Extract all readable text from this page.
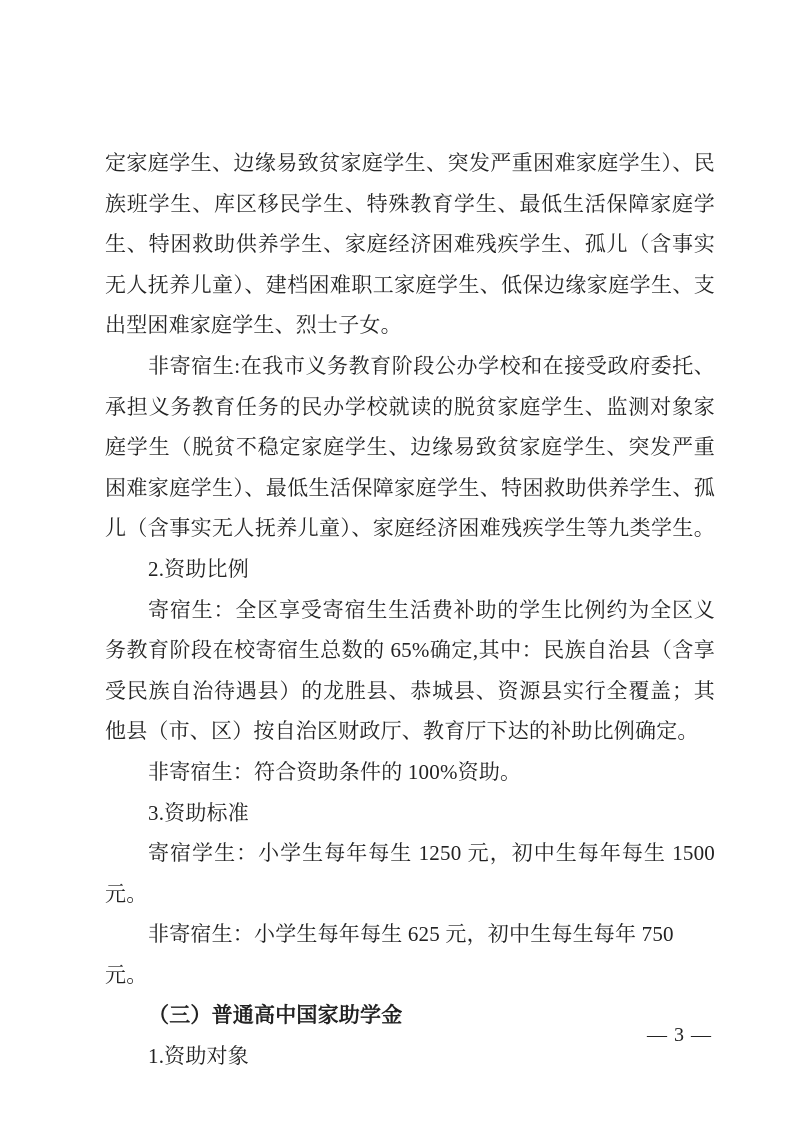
定家庭学生、边缘易致贫家庭学生、突发严重困难家庭学生）、民
族班学生、库区移民学生、特殊教育学生、最低生活保障家庭学
生、特困救助供养学生、家庭经济困难残疾学生、孤儿（含事实
无人抚养儿童）、建档困难职工家庭学生、低保边缘家庭学生、支
出型困难家庭学生、烈士子女。
非寄宿生:在我市义务教育阶段公办学校和在接受政府委托、
承担义务教育任务的民办学校就读的脱贫家庭学生、监测对象家
庭学生（脱贫不稳定家庭学生、边缘易致贫家庭学生、突发严重
困难家庭学生）、最低生活保障家庭学生、特困救助供养学生、孤
儿（含事实无人抚养儿童）、家庭经济困难残疾学生等九类学生。
2.资助比例
寄宿生：全区享受寄宿生生活费补助的学生比例约为全区义
务教育阶段在校寄宿生总数的 65%确定,其中：民族自治县（含享
受民族自治待遇县）的龙胜县、恭城县、资源县实行全覆盖；其
他县（市、区）按自治区财政厅、教育厅下达的补助比例确定。
非寄宿生：符合资助条件的 100%资助。
3.资助标准
寄宿学生：小学生每年每生 1250 元，初中生每年每生 1500
元。
非寄宿生：小学生每年每生 625 元，初中生每生每年 750 元。
（三）普通高中国家助学金
1.资助对象
— 3 —
